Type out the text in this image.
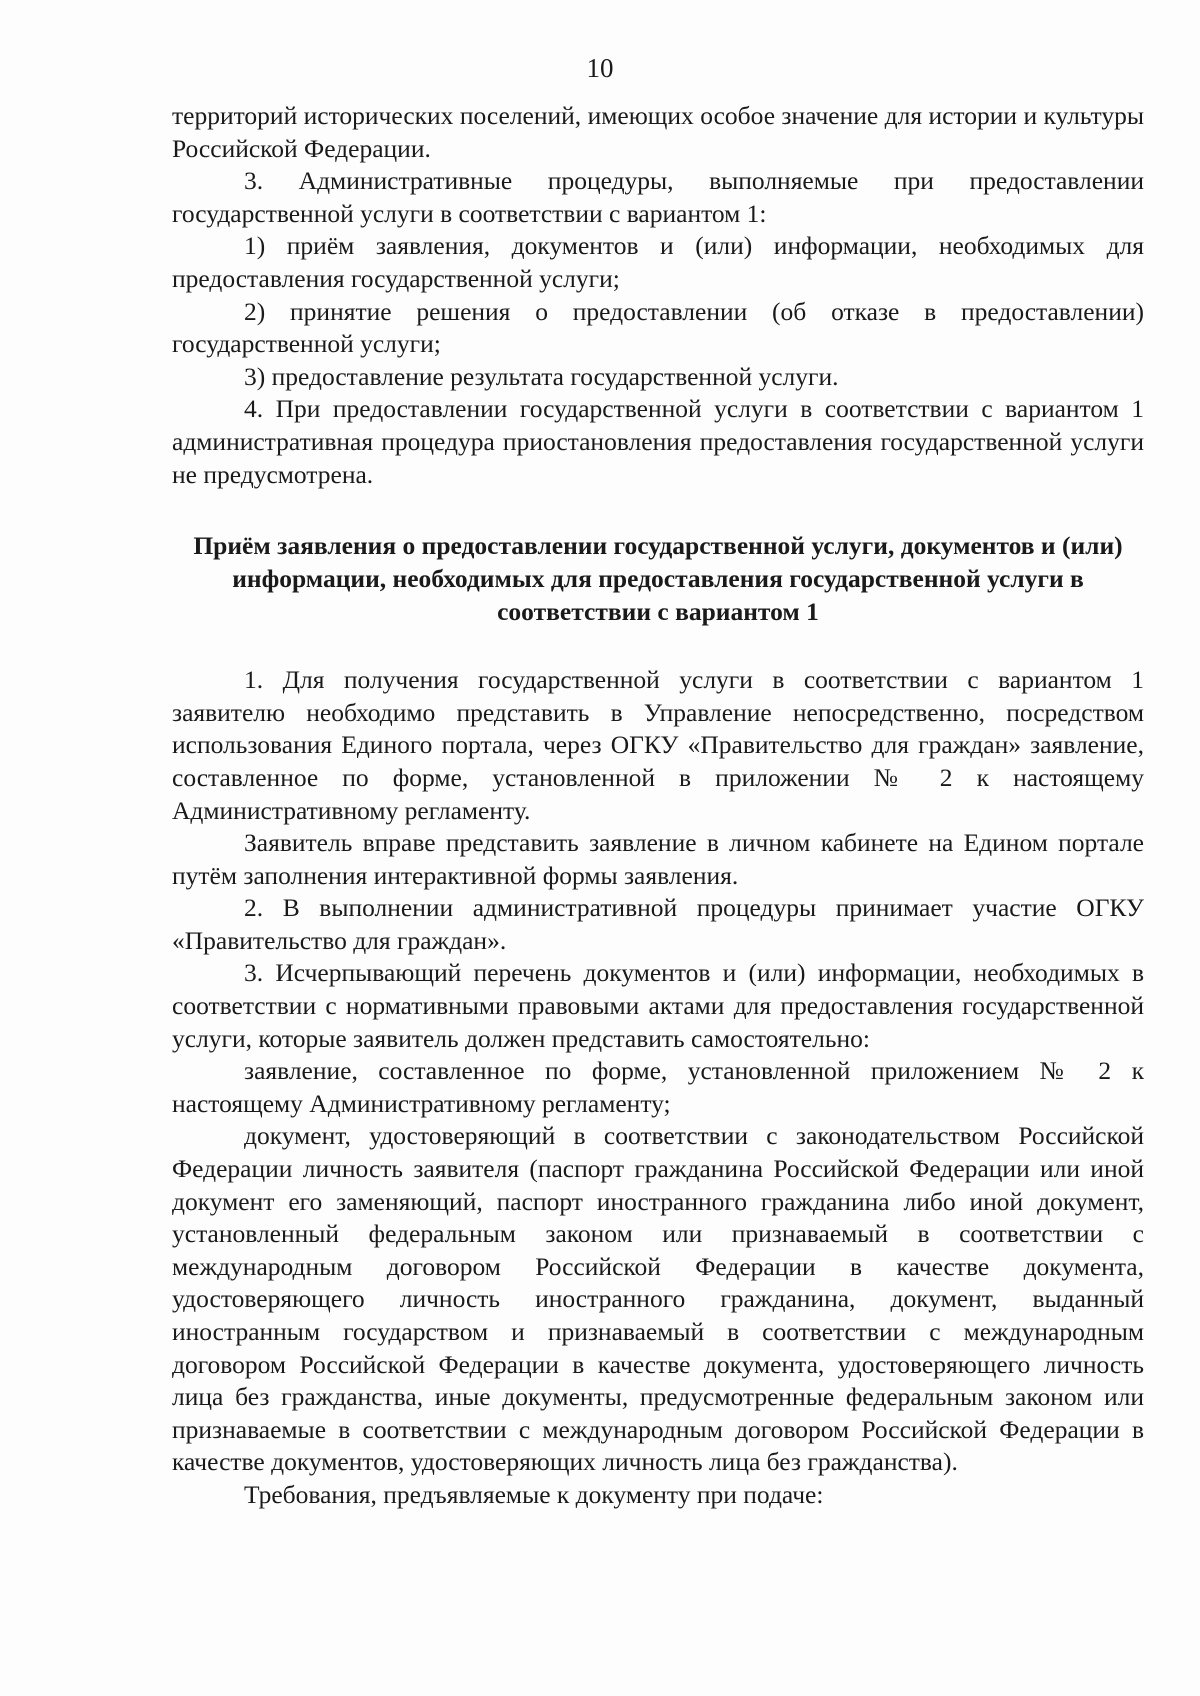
10

территорий исторических поселений, имеющих особое значение для истории и культуры Российской Федерации.

3. Административные процедуры, выполняемые при предоставлении государственной услуги в соответствии с вариантом 1:

1) приём заявления, документов и (или) информации, необходимых для предоставления государственной услуги;

2) принятие решения о предоставлении (об отказе в предоставлении) государственной услуги;

3) предоставление результата государственной услуги.

4. При предоставлении государственной услуги в соответствии с вариантом 1 административная процедура приостановления предоставления государственной услуги не предусмотрена.

Приём заявления о предоставлении государственной услуги, документов и (или) информации, необходимых для предоставления государственной услуги в соответствии с вариантом 1

1. Для получения государственной услуги в соответствии с вариантом 1 заявителю необходимо представить в Управление непосредственно, посредством использования Единого портала, через ОГКУ «Правительство для граждан» заявление, составленное по форме, установленной в приложении № 2 к настоящему Административному регламенту.

Заявитель вправе представить заявление в личном кабинете на Едином портале путём заполнения интерактивной формы заявления.

2. В выполнении административной процедуры принимает участие ОГКУ «Правительство для граждан».

3. Исчерпывающий перечень документов и (или) информации, необходимых в соответствии с нормативными правовыми актами для предоставления государственной услуги, которые заявитель должен представить самостоятельно:

заявление, составленное по форме, установленной приложением № 2 к настоящему Административному регламенту;

документ, удостоверяющий в соответствии с законодательством Российской Федерации личность заявителя (паспорт гражданина Российской Федерации или иной документ его заменяющий, паспорт иностранного гражданина либо иной документ, установленный федеральным законом или признаваемый в соответствии с международным договором Российской Федерации в качестве документа, удостоверяющего личность иностранного гражданина, документ, выданный иностранным государством и признаваемый в соответствии с международным договором Российской Федерации в качестве документа, удостоверяющего личность лица без гражданства, иные документы, предусмотренные федеральным законом или признаваемые в соответствии с международным договором Российской Федерации в качестве документов, удостоверяющих личность лица без гражданства).

Требования, предъявляемые к документу при подаче:
